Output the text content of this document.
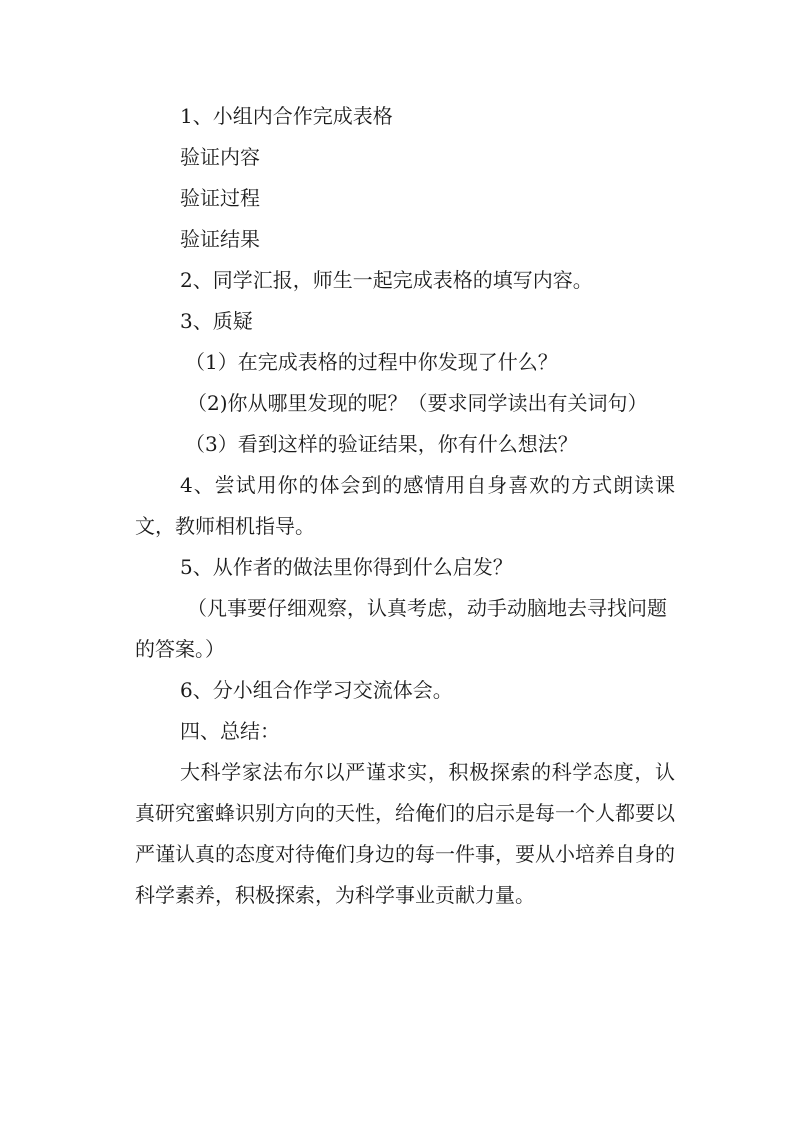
1、小组内合作完成表格

验证内容

验证过程

验证结果

2、同学汇报，师生一起完成表格的填写内容。

3、质疑

（1）在完成表格的过程中你发现了什么？

（2)你从哪里发现的呢？（要求同学读出有关词句）

（3）看到这样的验证结果，你有什么想法？

4、尝试用你的体会到的感情用自身喜欢的方式朗读课文，教师相机指导。

5、从作者的做法里你得到什么启发？

（凡事要仔细观察，认真考虑，动手动脑地去寻找问题的答案。）

6、分小组合作学习交流体会。

四、总结：

大科学家法布尔以严谨求实，积极探索的科学态度，认真研究蜜蜂识别方向的天性，给俺们的启示是每一个人都要以严谨认真的态度对待俺们身边的每一件事，要从小培养自身的科学素养，积极探索，为科学事业贡献力量。
